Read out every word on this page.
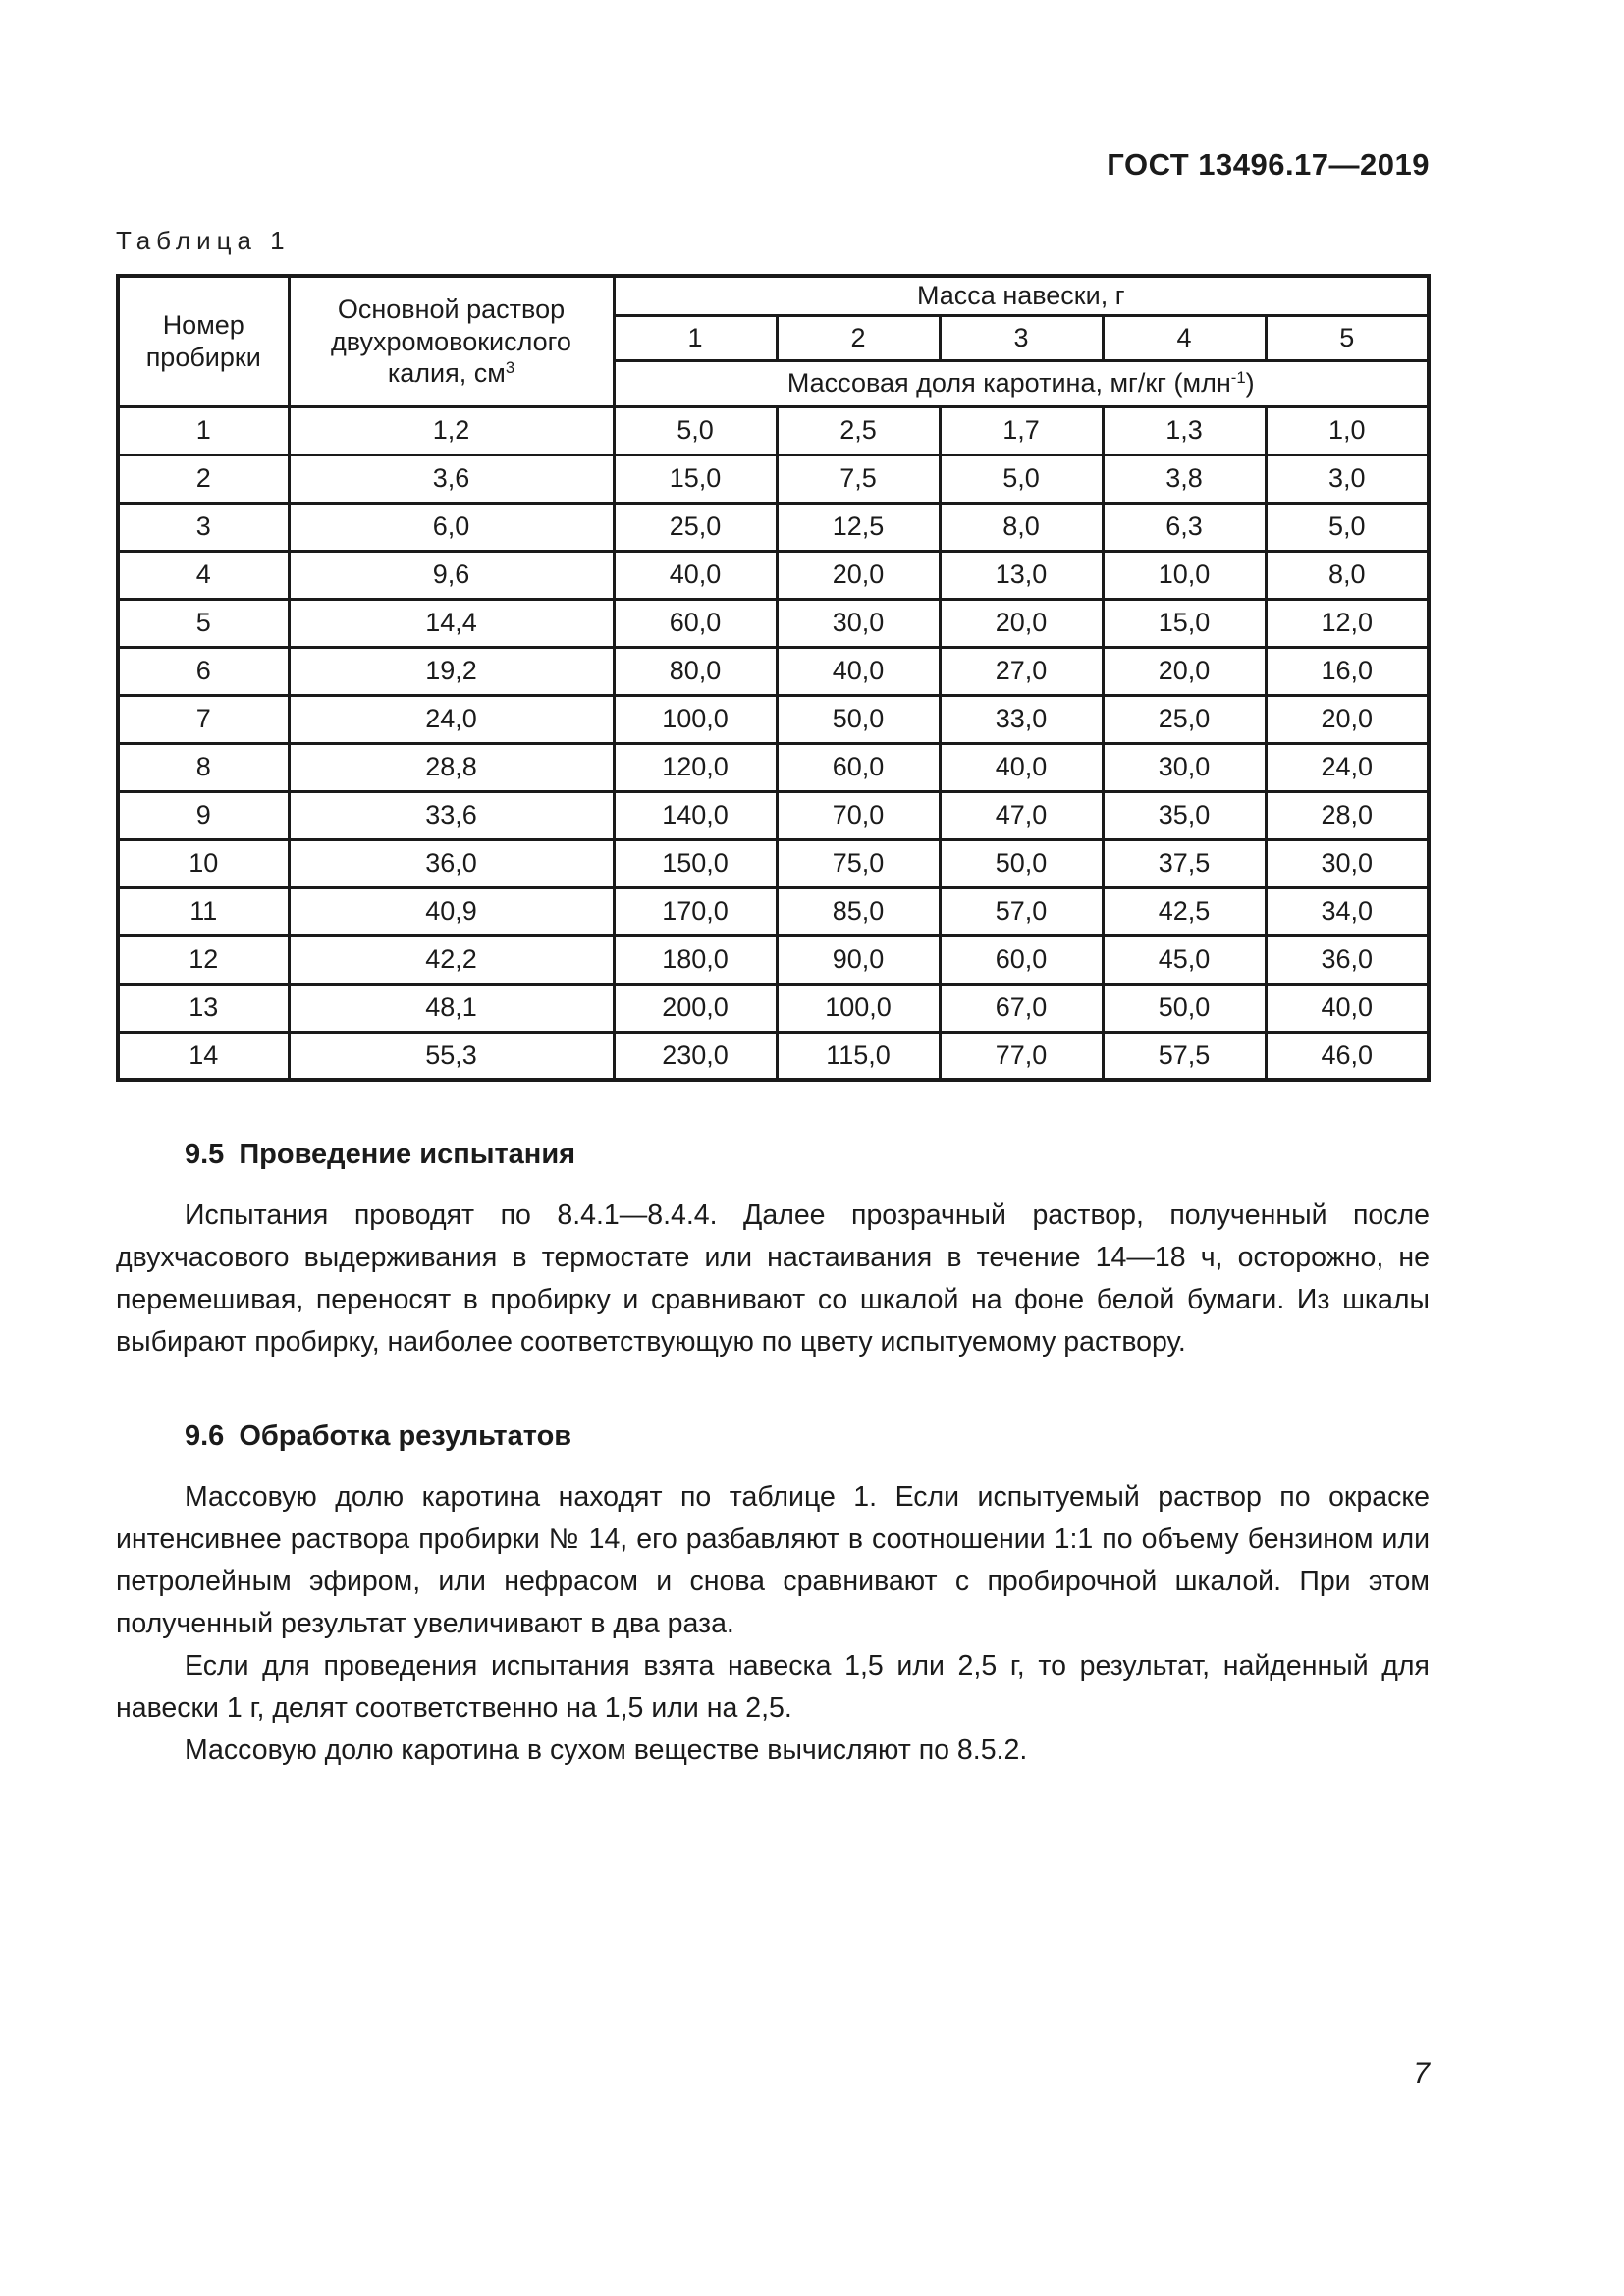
ГОСТ 13496.17—2019
Таблица 1
Номер пробирки	Основной раствор двухромовокислого калия, $см^3$	Масса навески, г				
		1	2	3	4	5
		Массовая доля каротина, мг/кг (млн$^{-1}$)				
1	1,2	5,0	2,5	1,7	1,3	1,0
2	3,6	15,0	7,5	5,0	3,8	3,0
3	6,0	25,0	12,5	8,0	6,3	5,0
4	9,6	40,0	20,0	13,0	10,0	8,0
5	14,4	60,0	30,0	20,0	15,0	12,0
6	19,2	80,0	40,0	27,0	20,0	16,0
7	24,0	100,0	50,0	33,0	25,0	20,0
8	28,8	120,0	60,0	40,0	30,0	24,0
9	33,6	140,0	70,0	47,0	35,0	28,0
10	36,0	150,0	75,0	50,0	37,5	30,0
11	40,9	170,0	85,0	57,0	42,5	34,0
12	42,2	180,0	90,0	60,0	45,0	36,0
13	48,1	200,0	100,0	67,0	50,0	40,0
14	55,3	230,0	115,0	77,0	57,5	46,0
9.5 Проведение испытания

Испытания проводят по 8.4.1—8.4.4. Далее прозрачный раствор, полученный после двухчасового выдерживания в термостате или настаивания в течение 14—18 ч, осторожно, не перемешивая, переносят в пробирку и сравнивают со шкалой на фоне белой бумаги. Из шкалы выбирают пробирку, наиболее соответствующую по цвету испытуемому раствору.

9.6 Обработка результатов

Массовую долю каротина находят по таблице 1. Если испытуемый раствор по окраске интенсивнее раствора пробирки № 14, его разбавляют в соотношении 1:1 по объему бензином или петролейным эфиром, или нефрасом и снова сравнивают с пробирочной шкалой. При этом полученный результат увеличивают в два раза.

Если для проведения испытания взята навеска 1,5 или 2,5 г, то результат, найденный для навески 1 г, делят соответственно на 1,5 или на 2,5.

Массовую долю каротина в сухом веществе вычисляют по 8.5.2.

7
